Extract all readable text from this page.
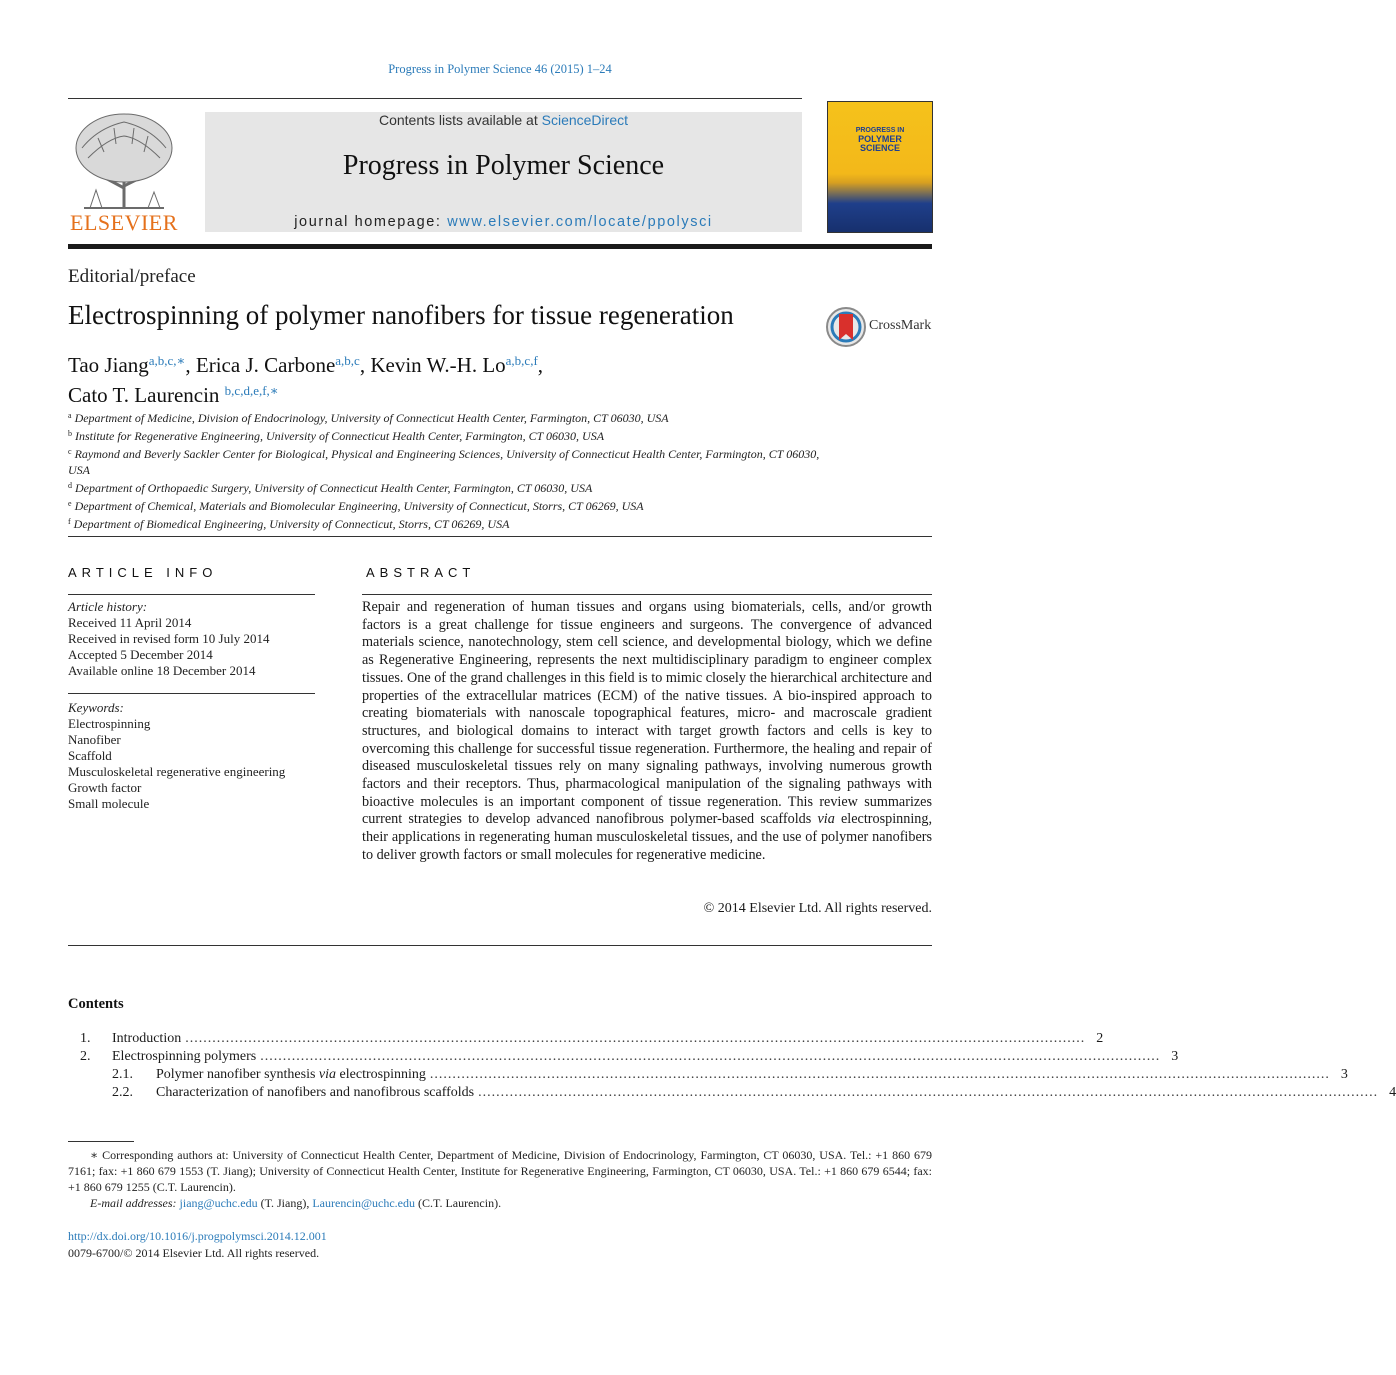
Progress in Polymer Science 46 (2015) 1–24
ELSEVIER
Contents lists available at ScienceDirect
Progress in Polymer Science
journal homepage: www.elsevier.com/locate/ppolysci
PROGRESS IN
POLYMER
SCIENCE
Editorial/preface
Electrospinning of polymer nanofibers for tissue regeneration	CrossMark
Tao Jiang$^{a,b,c,∗}$, Erica J. Carbone$^{a,b,c}$, Kevin W.-H. Lo$^{a,b,c,f}$,
Cato T. Laurencin $^{b,c,d,e,f,∗}$
$^a$ Department of Medicine, Division of Endocrinology, University of Connecticut Health Center, Farmington, CT 06030, USA
$^b$ Institute for Regenerative Engineering, University of Connecticut Health Center, Farmington, CT 06030, USA
$^c$ Raymond and Beverly Sackler Center for Biological, Physical and Engineering Sciences, University of Connecticut Health Center, Farmington, CT 06030, USA
$^d$ Department of Orthopaedic Surgery, University of Connecticut Health Center, Farmington, CT 06030, USA
$^e$ Department of Chemical, Materials and Biomolecular Engineering, University of Connecticut, Storrs, CT 06269, USA
$^f$ Department of Biomedical Engineering, University of Connecticut, Storrs, CT 06269, USA
ARTICLE INFO	ABSTRACT
Article history:
Received 11 April 2014
Received in revised form 10 July 2014
Accepted 5 December 2014
Available online 18 December 2014
Keywords:
Electrospinning
Nanofiber
Scaffold
Musculoskeletal regenerative engineering
Growth factor
Small molecule
Repair and regeneration of human tissues and organs using biomaterials, cells, and/or growth factors is a great challenge for tissue engineers and surgeons. The convergence of advanced materials science, nanotechnology, stem cell science, and developmental biology, which we define as Regenerative Engineering, represents the next multidisciplinary paradigm to engineer complex tissues. One of the grand challenges in this field is to mimic closely the hierarchical architecture and properties of the extracellular matrices (ECM) of the native tissues. A bio-inspired approach to creating biomaterials with nanoscale topographical features, micro- and macroscale gradient structures, and biological domains to interact with target growth factors and cells is key to overcoming this challenge for successful tissue regeneration. Furthermore, the healing and repair of diseased musculoskeletal tissues rely on many signaling pathways, involving numerous growth factors and their receptors. Thus, pharmacological manipulation of the signaling pathways with bioactive molecules is an important component of tissue regeneration. This review summarizes current strategies to develop advanced nanofibrous polymer-based scaffolds via electrospinning, their applications in regenerating human musculoskeletal tissues, and the use of polymer nanofibers to deliver growth factors or small molecules for regenerative medicine.
© 2014 Elsevier Ltd. All rights reserved.
Contents
1.	Introduction ........................................................................................................................................................................................................ 2
2.	Electrospinning polymers ........................................................................................................................................................................................................ 3
2.1.	Polymer nanofiber synthesis via electrospinning ........................................................................................................................................................................................................ 3
2.2.	Characterization of nanofibers and nanofibrous scaffolds ........................................................................................................................................................................................................ 4
∗ Corresponding authors at: University of Connecticut Health Center, Department of Medicine, Division of Endocrinology, Farmington, CT 06030, USA. Tel.: +1 860 679 7161; fax: +1 860 679 1553 (T. Jiang); University of Connecticut Health Center, Institute for Regenerative Engineering, Farmington, CT 06030, USA. Tel.: +1 860 679 6544; fax: +1 860 679 1255 (C.T. Laurencin).
E-mail addresses: jiang@uchc.edu (T. Jiang), Laurencin@uchc.edu (C.T. Laurencin).
http://dx.doi.org/10.1016/j.progpolymsci.2014.12.001
0079-6700/© 2014 Elsevier Ltd. All rights reserved.
